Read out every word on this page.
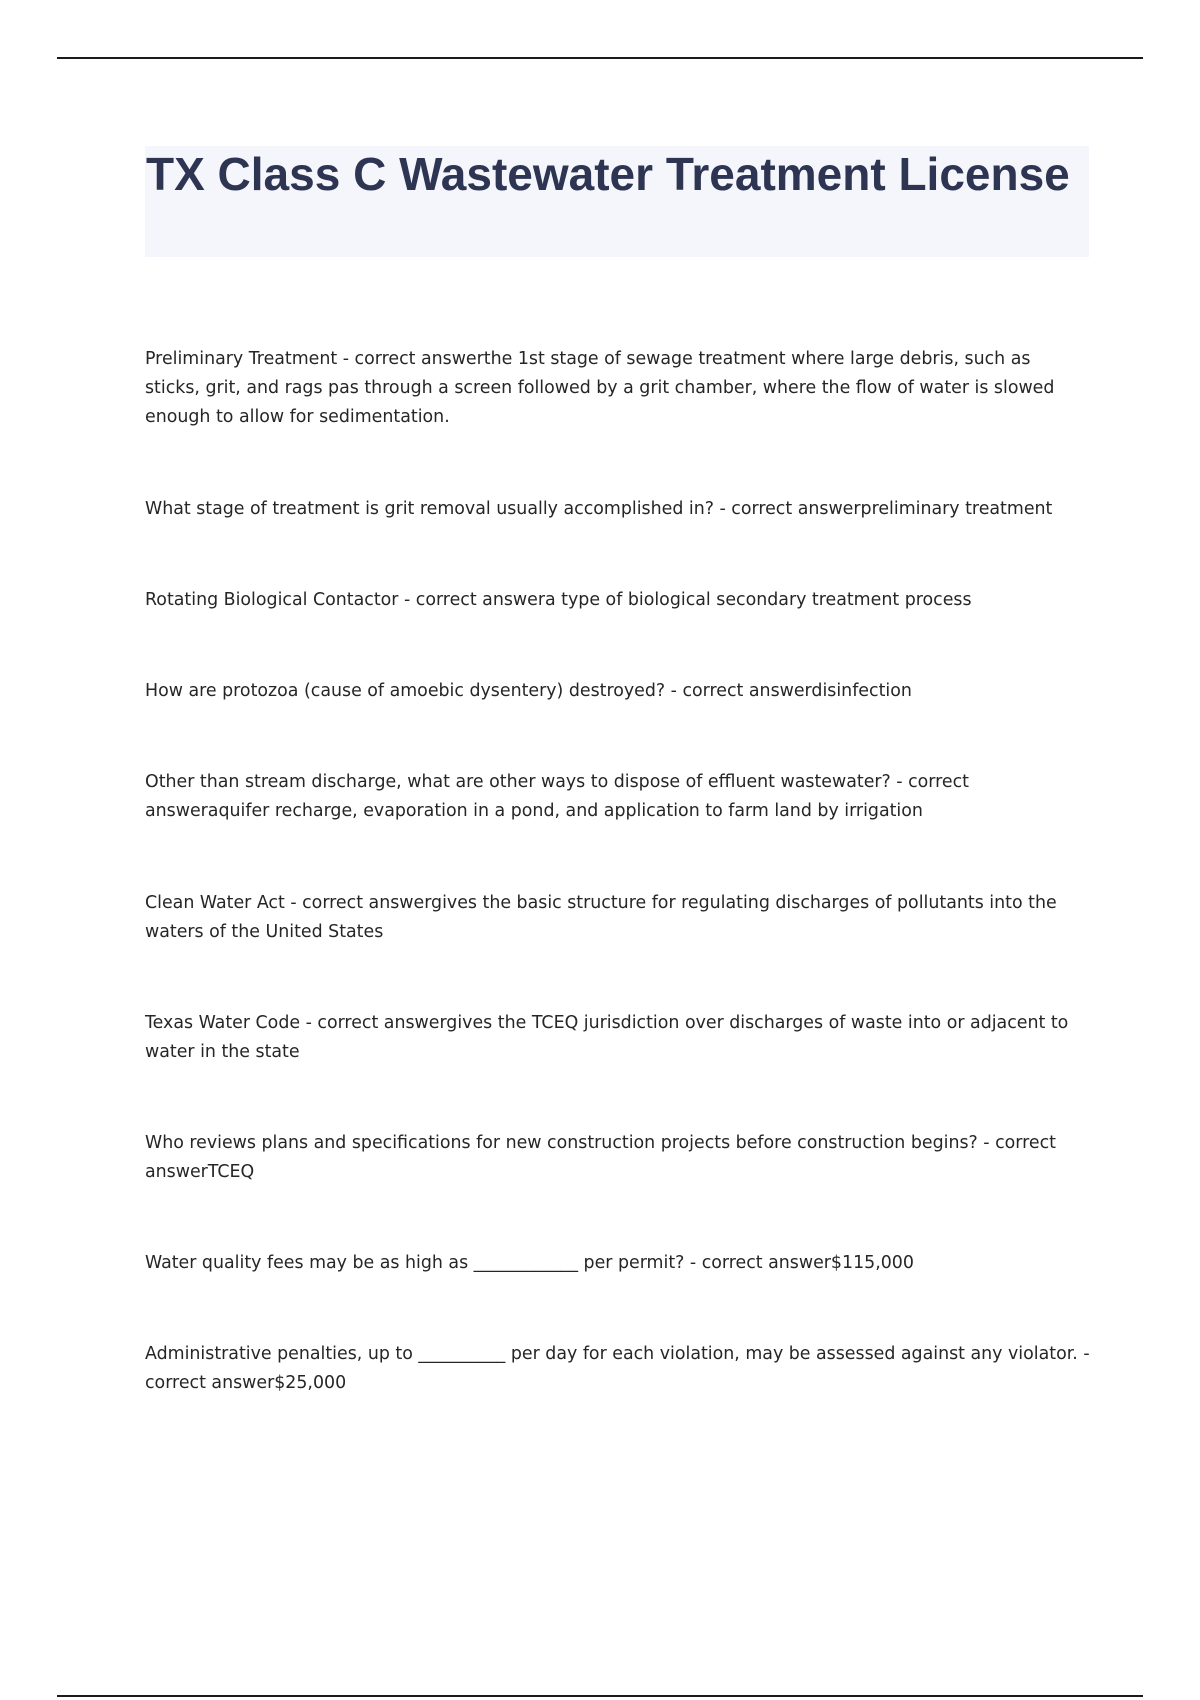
TX Class C Wastewater Treatment License

Preliminary Treatment - correct answerthe 1st stage of sewage treatment where large debris, such as sticks, grit, and rags pas through a screen followed by a grit chamber, where the flow of water is slowed enough to allow for sedimentation.

What stage of treatment is grit removal usually accomplished in? - correct answerpreliminary treatment

Rotating Biological Contactor - correct answera type of biological secondary treatment process

How are protozoa (cause of amoebic dysentery) destroyed? - correct answerdisinfection

Other than stream discharge, what are other ways to dispose of effluent wastewater? - correct answeraquifer recharge, evaporation in a pond, and application to farm land by irrigation

Clean Water Act - correct answergives the basic structure for regulating discharges of pollutants into the waters of the United States

Texas Water Code - correct answergives the TCEQ jurisdiction over discharges of waste into or adjacent to water in the state

Who reviews plans and specifications for new construction projects before construction begins? - correct answerTCEQ

Water quality fees may be as high as ____________ per permit? - correct answer$115,000

Administrative penalties, up to __________ per day for each violation, may be assessed against any violator. - correct answer$25,000
